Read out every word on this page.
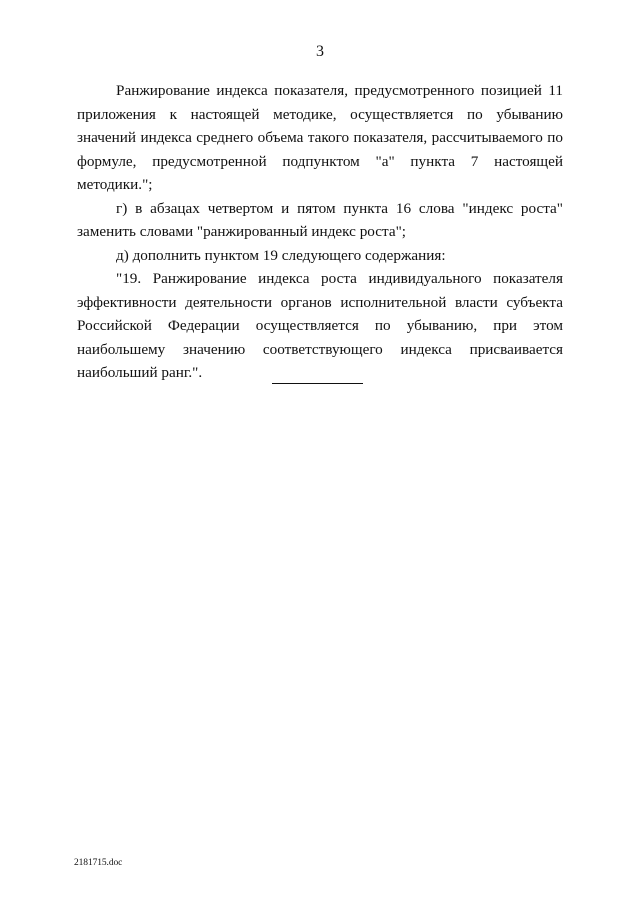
3

Ранжирование индекса показателя, предусмотренного позицией 11 приложения к настоящей методике, осуществляется по убыванию значений индекса среднего объема такого показателя, рассчитываемого по формуле, предусмотренной подпунктом "а" пункта 7 настоящей методики.";

г) в абзацах четвертом и пятом пункта 16 слова "индекс роста" заменить словами "ранжированный индекс роста";

д) дополнить пунктом 19 следующего содержания:

"19. Ранжирование индекса роста индивидуального показателя эффективности деятельности органов исполнительной власти субъекта Российской Федерации осуществляется по убыванию, при этом наибольшему значению соответствующего индекса присваивается наибольший ранг.".

2181715.doc
